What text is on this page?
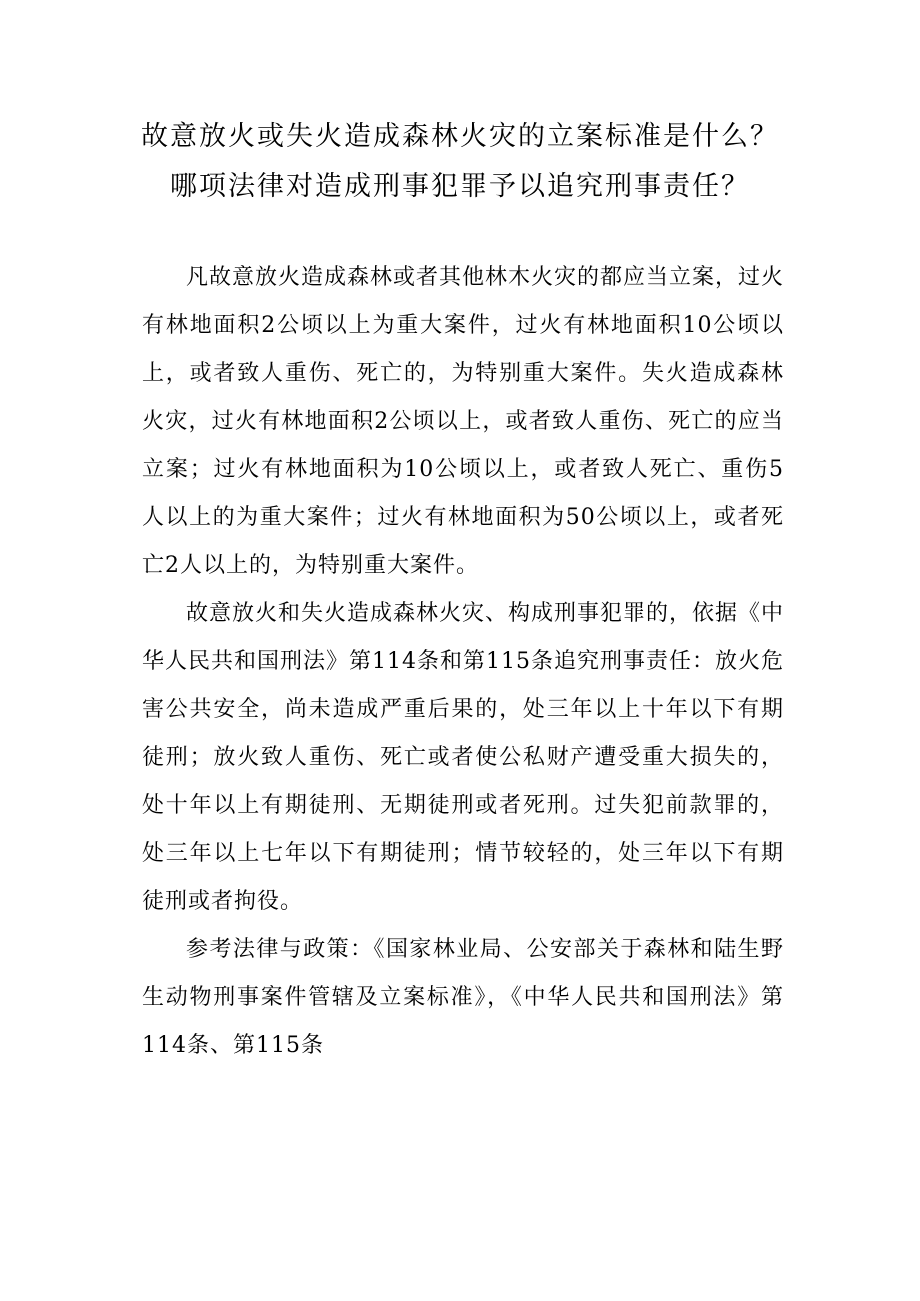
故意放火或失火造成森林火灾的立案标准是什么？
哪项法律对造成刑事犯罪予以追究刑事责任？

凡故意放火造成森林或者其他林木火灾的都应当立案，过火有林地面积2公顷以上为重大案件，过火有林地面积10公顷以上，或者致人重伤、死亡的，为特别重大案件。失火造成森林火灾，过火有林地面积2公顷以上，或者致人重伤、死亡的应当立案；过火有林地面积为10公顷以上，或者致人死亡、重伤5人以上的为重大案件；过火有林地面积为50公顷以上，或者死亡2人以上的，为特别重大案件。

故意放火和失火造成森林火灾、构成刑事犯罪的，依据《中华人民共和国刑法》第114条和第115条追究刑事责任：放火危害公共安全，尚未造成严重后果的，处三年以上十年以下有期徒刑；放火致人重伤、死亡或者使公私财产遭受重大损失的，处十年以上有期徒刑、无期徒刑或者死刑。过失犯前款罪的，处三年以上七年以下有期徒刑；情节较轻的，处三年以下有期徒刑或者拘役。

参考法律与政策：《国家林业局、公安部关于森林和陆生野生动物刑事案件管辖及立案标准》，《中华人民共和国刑法》第114条、第115条
